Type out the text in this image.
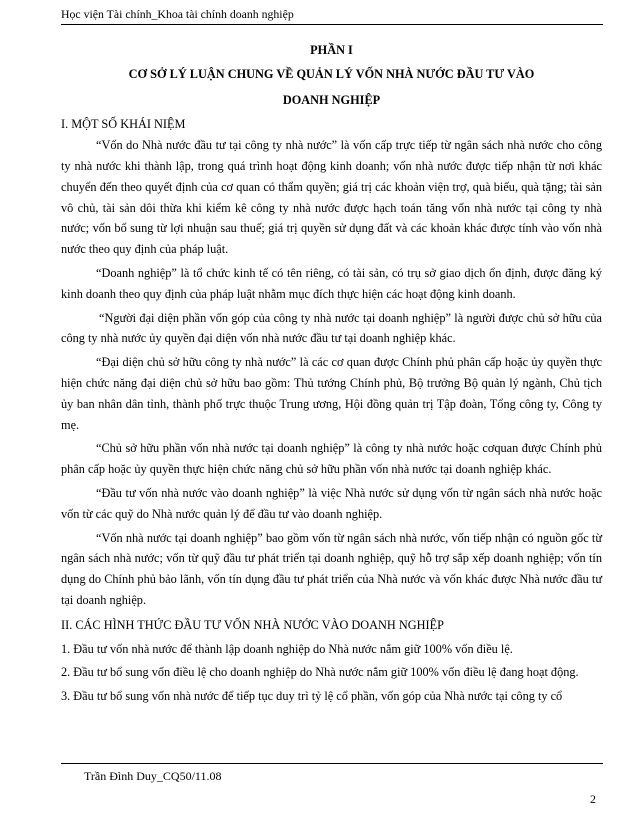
Học viện Tài chính_Khoa tài chính doanh nghiệp
PHẦN I
CƠ SỞ LÝ LUẬN CHUNG VỀ QUẢN LÝ VỐN NHÀ NƯỚC ĐẦU TƯ VÀO
DOANH NGHIỆP
I. MỘT SỐ KHÁI NIỆM

“Vốn do Nhà nước đầu tư tại công ty nhà nước” là vốn cấp trực tiếp từ ngân sách nhà nước cho công ty nhà nước khi thành lập, trong quá trình hoạt động kinh doanh; vốn nhà nước được tiếp nhận từ nơi khác chuyển đến theo quyết định của cơ quan có thẩm quyền; giá trị các khoản viện trợ, quà biếu, quà tặng; tài sản vô chủ, tài sản dôi thừa khi kiểm kê công ty nhà nước được hạch toán tăng vốn nhà nước tại công ty nhà nước; vốn bổ sung từ lợi nhuận sau thuế; giá trị quyền sử dụng đất và các khoản khác được tính vào vốn nhà nước theo quy định của pháp luật.

“Doanh nghiệp” là tổ chức kinh tế có tên riêng, có tài sản, có trụ sở giao dịch ổn định, được đăng ký kinh doanh theo quy định của pháp luật nhằm mục đích thực hiện các hoạt động kinh doanh.

“Người đại diện phần vốn góp của công ty nhà nước tại doanh nghiệp” là người được chủ sở hữu của công ty nhà nước ủy quyền đại diện vốn nhà nước đầu tư tại doanh nghiệp khác.

“Đại diện chủ sở hữu công ty nhà nước” là các cơ quan được Chính phủ phân cấp hoặc ủy quyền thực hiện chức năng đại diện chủ sở hữu bao gồm: Thủ tướng Chính phủ, Bộ trưởng Bộ quản lý ngành, Chủ tịch ủy ban nhân dân tỉnh, thành phố trực thuộc Trung ương, Hội đồng quản trị Tập đoàn, Tổng công ty, Công ty mẹ.

“Chủ sở hữu phần vốn nhà nước tại doanh nghiệp” là công ty nhà nước hoặc cơquan được Chính phủ phân cấp hoặc ủy quyền thực hiện chức năng chủ sở hữu phần vốn nhà nước tại doanh nghiệp khác.

“Đầu tư vốn nhà nước vào doanh nghiệp” là việc Nhà nước sử dụng vốn từ ngân sách nhà nước hoặc vốn từ các quỹ do Nhà nước quản lý để đầu tư vào doanh nghiệp.

“Vốn nhà nước tại doanh nghiệp” bao gồm vốn từ ngân sách nhà nước, vốn tiếp nhận có nguồn gốc từ ngân sách nhà nước; vốn từ quỹ đầu tư phát triển tại doanh nghiệp, quỹ hỗ trợ sắp xếp doanh nghiệp; vốn tín dụng do Chính phủ bảo lãnh, vốn tín dụng đầu tư phát triển của Nhà nước và vốn khác được Nhà nước đầu tư tại doanh nghiệp.

II. CÁC HÌNH THỨC ĐẦU TƯ VỐN NHÀ NƯỚC VÀO DOANH NGHIỆP

1. Đầu tư vốn nhà nước để thành lập doanh nghiệp do Nhà nước nắm giữ 100% vốn điều lệ.

2. Đầu tư bổ sung vốn điều lệ cho doanh nghiệp do Nhà nước nắm giữ 100% vốn điều lệ đang hoạt động.

3. Đầu tư bổ sung vốn nhà nước để tiếp tục duy trì tỷ lệ cổ phần, vốn góp của Nhà nước tại công ty cổ

Trần Đình Duy_CQ50/11.08
2
